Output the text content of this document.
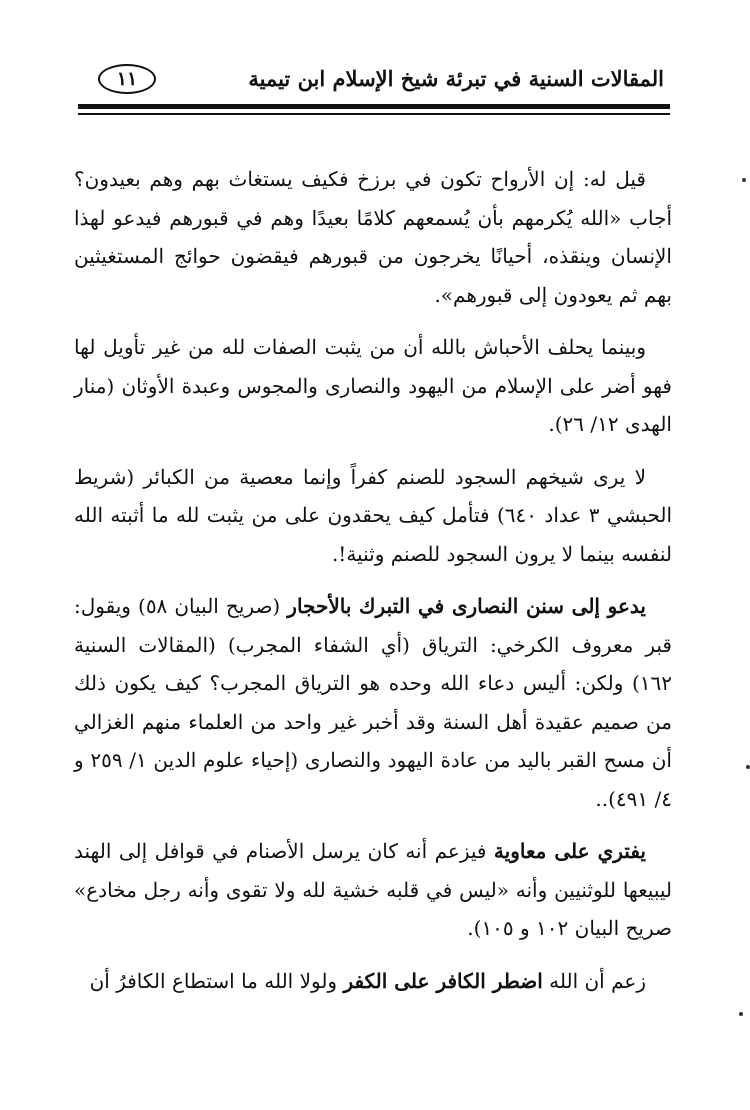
١١	المقالات السنية في تبرئة شيخ الإسلام ابن تيمية

قيل له: إن الأرواح تكون في برزخ فكيف يستغاث بهم وهم بعيدون؟ أجاب «الله يُكرمهم بأن يُسمعهم كلامًا بعيدًا وهم في قبورهم فيدعو لهذا الإنسان وينقذه، أحيانًا يخرجون من قبورهم فيقضون حوائج المستغيثين بهم ثم يعودون إلى قبورهم».

وبينما يحلف الأحباش بالله أن من يثبت الصفات لله من غير تأويل لها فهو أضر على الإسلام من اليهود والنصارى والمجوس وعبدة الأوثان (منار الهدى ١٢/ ٢٦).

لا يرى شيخهم السجود للصنم كفراً وإنما معصية من الكبائر (شريط الحبشي ٣ عداد ٦٤٠) فتأمل كيف يحقدون على من يثبت لله ما أثبته الله لنفسه بينما لا يرون السجود للصنم وثنية!.

يدعو إلى سنن النصارى في التبرك بالأحجار (صريح البيان ٥٨) ويقول: قبر معروف الكرخي: الترياق (أي الشفاء المجرب) (المقالات السنية ١٦٢) ولكن: أليس دعاء الله وحده هو الترياق المجرب؟ كيف يكون ذلك من صميم عقيدة أهل السنة وقد أخبر غير واحد من العلماء منهم الغزالي أن مسح القبر باليد من عادة اليهود والنصارى (إحياء علوم الدين ١/ ٢٥٩ و ٤/ ٤٩١)..

يفتري على معاوية فيزعم أنه كان يرسل الأصنام في قوافل إلى الهند ليبيعها للوثنيين وأنه «ليس في قلبه خشية لله ولا تقوى وأنه رجل مخادع» صريح البيان ١٠٢ و ١٠٥).

زعم أن الله اضطر الكافر على الكفر ولولا الله ما استطاع الكافرُ أن
